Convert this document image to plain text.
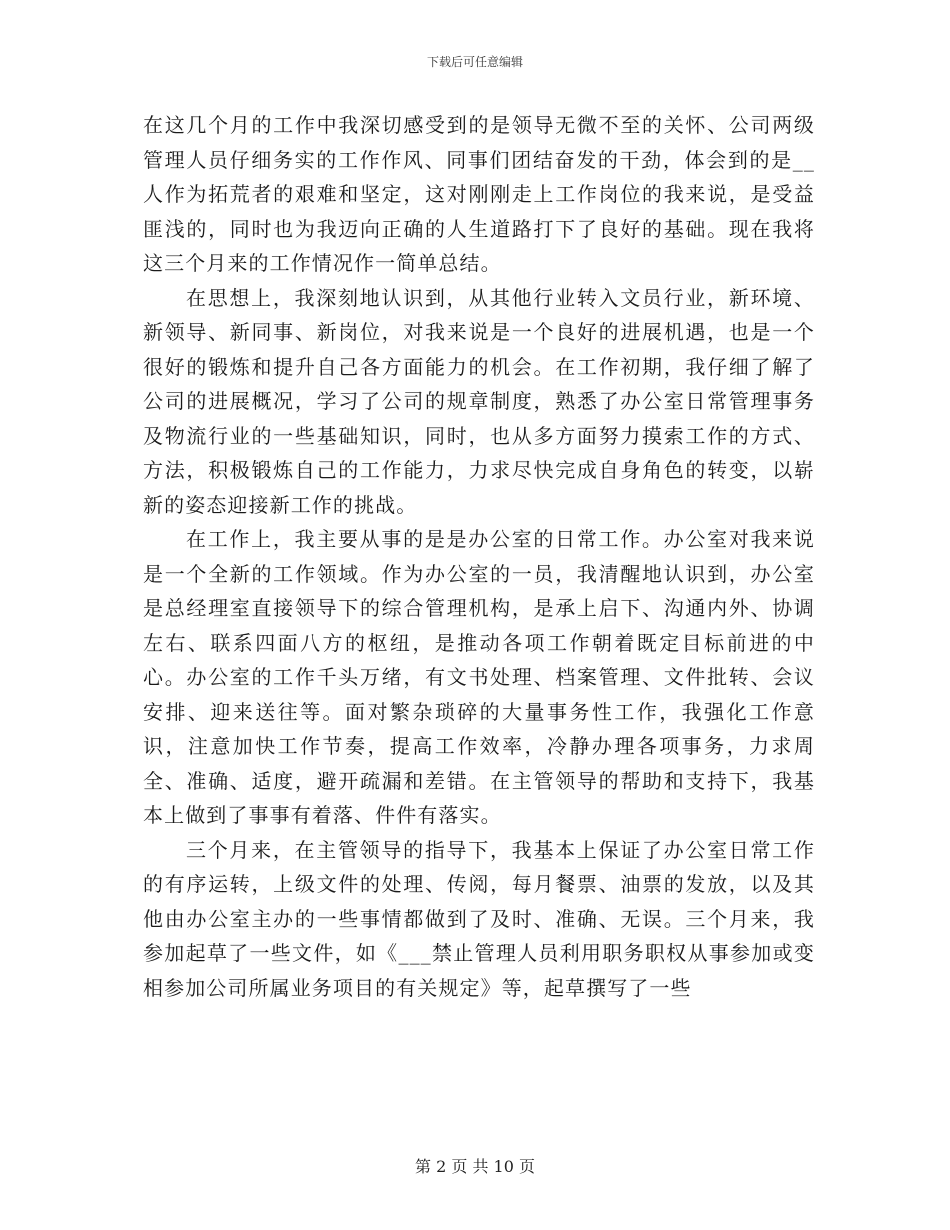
下载后可任意编辑

在这几个月的工作中我深切感受到的是领导无微不至的关怀、公司两级管理人员仔细务实的工作作风、同事们团结奋发的干劲，体会到的是__人作为拓荒者的艰难和坚定，这对刚刚走上工作岗位的我来说，是受益匪浅的，同时也为我迈向正确的人生道路打下了良好的基础。现在我将这三个月来的工作情况作一简单总结。

在思想上，我深刻地认识到，从其他行业转入文员行业，新环境、新领导、新同事、新岗位，对我来说是一个良好的进展机遇，也是一个很好的锻炼和提升自己各方面能力的机会。在工作初期，我仔细了解了公司的进展概况，学习了公司的规章制度，熟悉了办公室日常管理事务及物流行业的一些基础知识，同时，也从多方面努力摸索工作的方式、方法，积极锻炼自己的工作能力，力求尽快完成自身角色的转变，以崭新的姿态迎接新工作的挑战。

在工作上，我主要从事的是是办公室的日常工作。办公室对我来说是一个全新的工作领域。作为办公室的一员，我清醒地认识到，办公室是总经理室直接领导下的综合管理机构，是承上启下、沟通内外、协调左右、联系四面八方的枢纽，是推动各项工作朝着既定目标前进的中心。办公室的工作千头万绪，有文书处理、档案管理、文件批转、会议安排、迎来送往等。面对繁杂琐碎的大量事务性工作，我强化工作意识，注意加快工作节奏，提高工作效率，冷静办理各项事务，力求周全、准确、适度，避开疏漏和差错。在主管领导的帮助和支持下，我基本上做到了事事有着落、件件有落实。

三个月来，在主管领导的指导下，我基本上保证了办公室日常工作的有序运转，上级文件的处理、传阅，每月餐票、油票的发放，以及其他由办公室主办的一些事情都做到了及时、准确、无误。三个月来，我参加起草了一些文件，如《___禁止管理人员利用职务职权从事参加或变相参加公司所属业务项目的有关规定》等，起草撰写了一些

第 2 页 共 10 页
